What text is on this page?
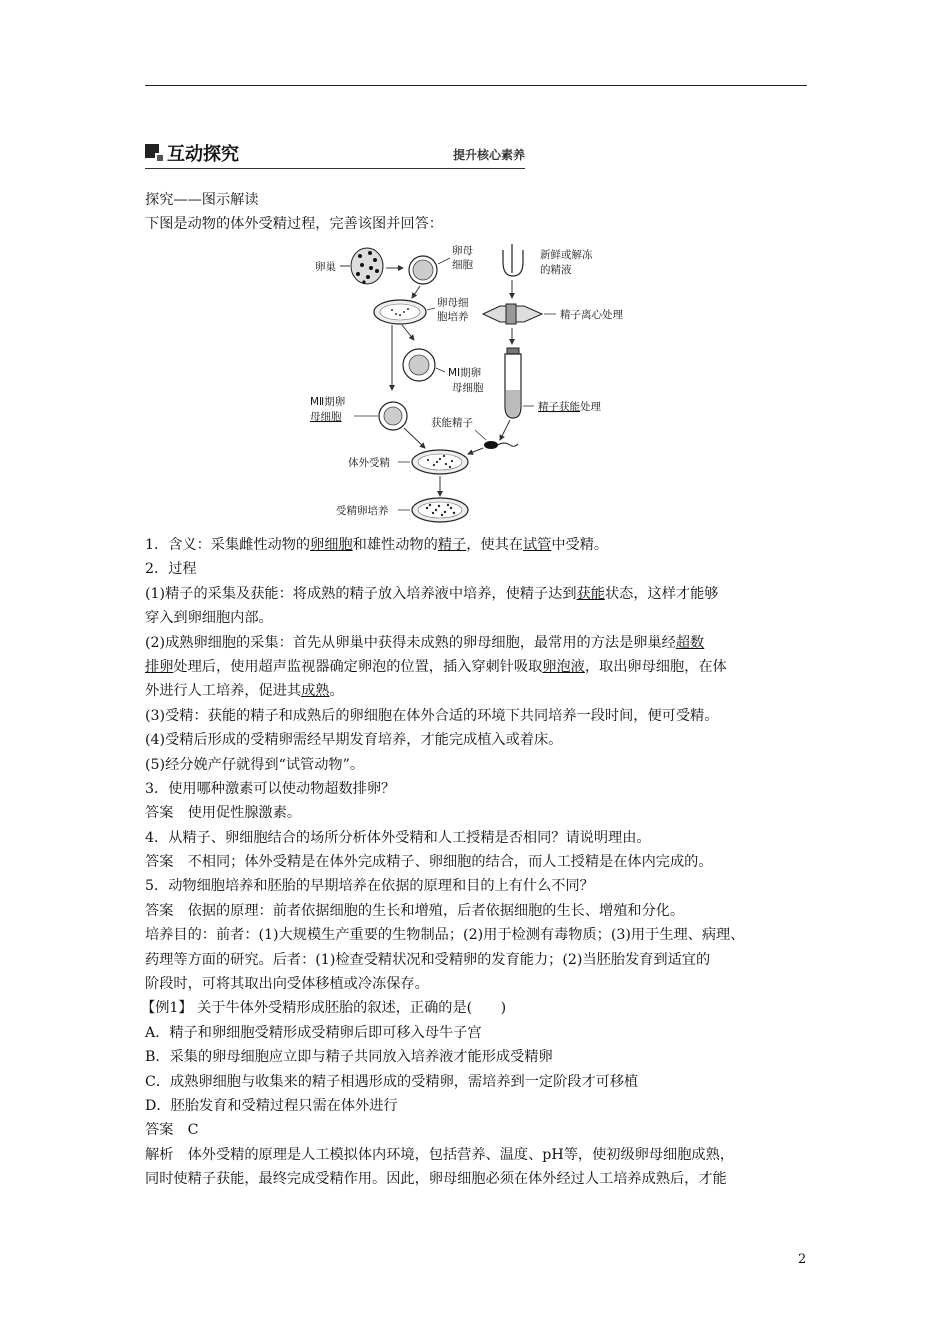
互动探究	提升核心素养

探究——图示解读

下图是动物的体外受精过程，完善该图并回答：

卵巢
卵母
细胞
卵母细
胞培养
MⅠ期卵
母细胞
MⅡ期卵
母细胞
新鲜或解冻
的精液
精子离心处理
精子获能处理
获能精子
体外受精
受精卵培养

1．含义：采集雌性动物的卵细胞和雄性动物的精子，使其在试管中受精。

2．过程

(1)精子的采集及获能：将成熟的精子放入培养液中培养，使精子达到获能状态，这样才能够

穿入到卵细胞内部。

(2)成熟卵细胞的采集：首先从卵巢中获得未成熟的卵母细胞，最常用的方法是卵巢经超数

排卵处理后，使用超声监视器确定卵泡的位置，插入穿刺针吸取卵泡液，取出卵母细胞，在体

外进行人工培养，促进其成熟。

(3)受精：获能的精子和成熟后的卵细胞在体外合适的环境下共同培养一段时间，便可受精。

(4)受精后形成的受精卵需经早期发育培养，才能完成植入或着床。

(5)经分娩产仔就得到“试管动物”。

3．使用哪种激素可以使动物超数排卵？

答案　使用促性腺激素。

4．从精子、卵细胞结合的场所分析体外受精和人工授精是否相同？请说明理由。

答案　不相同；体外受精是在体外完成精子、卵细胞的结合，而人工授精是在体内完成的。

5．动物细胞培养和胚胎的早期培养在依据的原理和目的上有什么不同？

答案　依据的原理：前者依据细胞的生长和增殖，后者依据细胞的生长、增殖和分化。

培养目的：前者：(1)大规模生产重要的生物制品；(2)用于检测有毒物质；(3)用于生理、病理、

药理等方面的研究。后者：(1)检查受精状况和受精卵的发育能力；(2)当胚胎发育到适宜的

阶段时，可将其取出向受体移植或冷冻保存。

【例1】 关于牛体外受精形成胚胎的叙述，正确的是(　　)

A．精子和卵细胞受精形成受精卵后即可移入母牛子宫

B．采集的卵母细胞应立即与精子共同放入培养液才能形成受精卵

C．成熟卵细胞与收集来的精子相遇形成的受精卵，需培养到一定阶段才可移植

D．胚胎发育和受精过程只需在体外进行

答案　C

解析　体外受精的原理是人工模拟体内环境，包括营养、温度、pH等，使初级卵母细胞成熟，

同时使精子获能，最终完成受精作用。因此，卵母细胞必须在体外经过人工培养成熟后，才能

2
